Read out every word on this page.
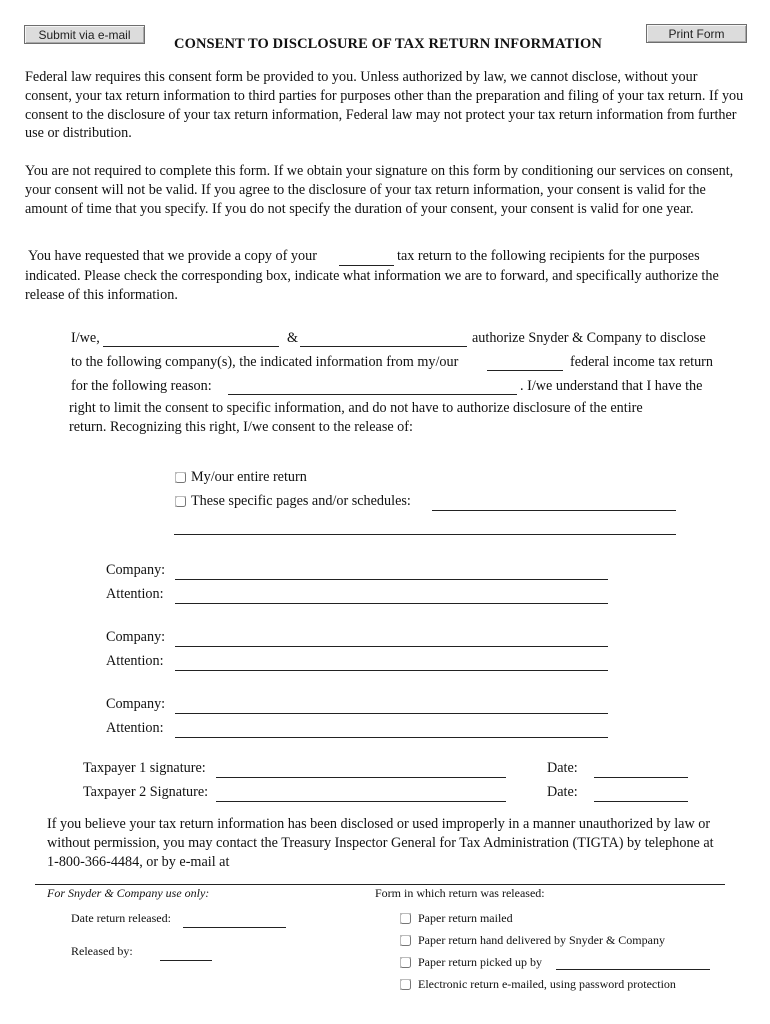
Submit via e-mail	Print Form
CONSENT TO DISCLOSURE OF TAX RETURN INFORMATION

Federal law requires this consent form be provided to you. Unless authorized by law, we cannot disclose, without your consent, your tax return information to third parties for purposes other than the preparation and filing of your tax return. If you consent to the disclosure of your tax return information, Federal law may not protect your tax return information from further use or distribution.

You are not required to complete this form. If we obtain your signature on this form by conditioning our services on consent, your consent will not be valid. If you agree to the disclosure of your tax return information, your consent is valid for the amount of time that you specify. If you do not specify the duration of your consent, your consent is valid for one year.

You have requested that we provide a copy of your	tax return to the following recipients for the purposes

indicated. Please check the corresponding box, indicate what information we are to forward, and specifically authorize the release of this information.

I/we,	&	authorize Snyder & Company to disclose
to the following company(s), the indicated information from my/our	federal income tax return
for the following reason:	. I/we understand that I have the
right to limit the consent to specific information, and do not have to authorize disclosure of the entire
return. Recognizing this right, I/we consent to the release of:
My/our entire return
These specific pages and/or schedules:
Company:
Attention:
Company:
Attention:
Company:
Attention:
Taxpayer 1 signature:	Date:
Taxpayer 2 Signature:	Date:

If you believe your tax return information has been disclosed or used improperly in a manner unauthorized by law or without permission, you may contact the Treasury Inspector General for Tax Administration (TIGTA) by telephone at 1-800-366-4484, or by e-mail at

For Snyder & Company use only:	Form in which return was released:
Date return released:
Released by:
Paper return mailed
Paper return hand delivered by Snyder & Company
Paper return picked up by
Electronic return e-mailed, using password protection
